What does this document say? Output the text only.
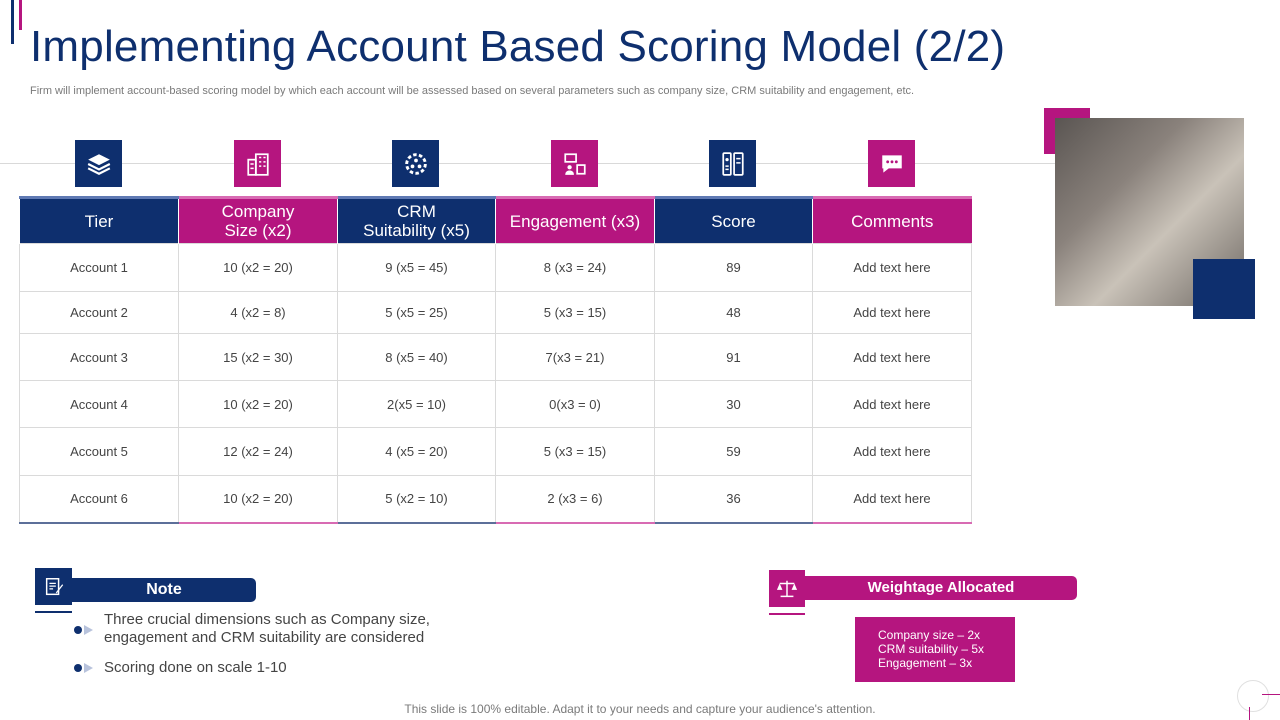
Implementing Account Based Scoring Model (2/2)
Firm will implement account-based scoring model by which each account will be assessed based on several parameters such as company size, CRM suitability and engagement, etc.
Tier	Company Size (x2)	CRM Suitability (x5)	Engagement (x3)	Score	Comments
Account 1	10 (x2 = 20)	9 (x5 = 45)	8 (x3 = 24)	89	Add text here
Account 2	4 (x2 = 8)	5 (x5 = 25)	5 (x3 = 15)	48	Add text here
Account 3	15 (x2 = 30)	8 (x5 = 40)	7(x3 = 21)	91	Add text here
Account 4	10 (x2 = 20)	2(x5 = 10)	0(x3 = 0)	30	Add text here
Account 5	12 (x2 = 24)	4 (x5 = 20)	5 (x3 = 15)	59	Add text here
Account 6	10 (x2 = 20)	5 (x2 = 10)	2 (x3 = 6)	36	Add text here
Note
Three crucial dimensions such as Company size, engagement and CRM suitability are considered
Scoring done on scale 1-10
Weightage Allocated
Company size – 2x
CRM suitability – 5x
Engagement – 3x
This slide is 100% editable. Adapt it to your needs and capture your audience's attention.
